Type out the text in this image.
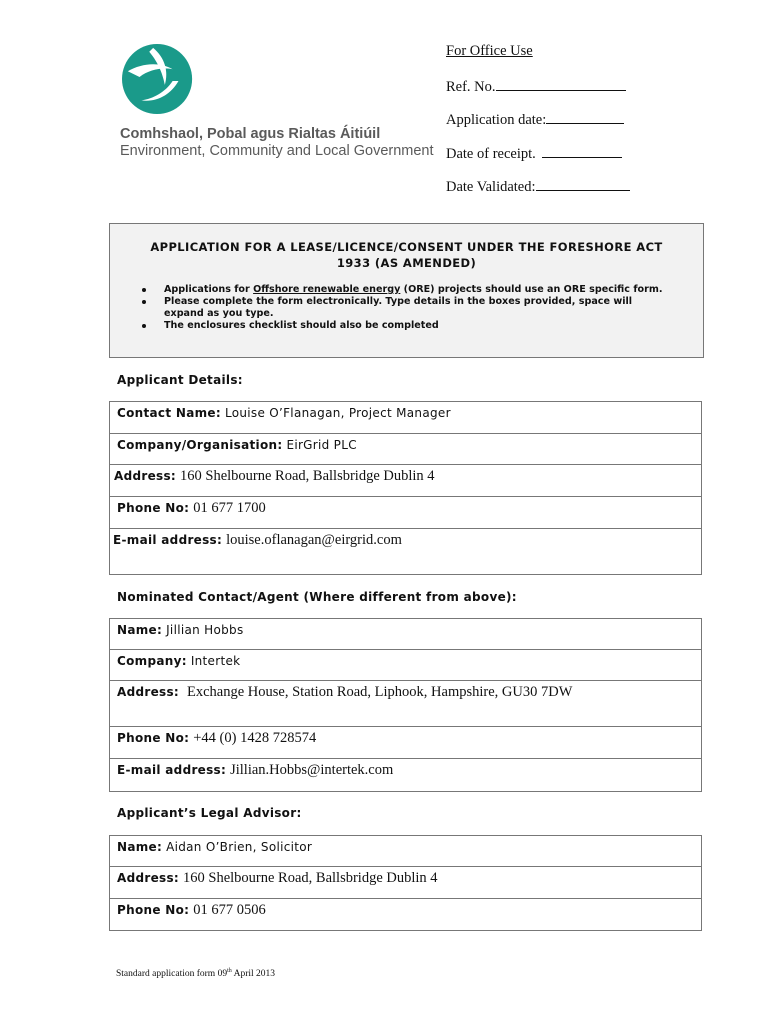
Comhshaol, Pobal agus Rialtas Áitiúil
Environment, Community and Local Government
For Office Use
Ref. No.
Application date:
Date of receipt.
Date Validated:
APPLICATION FOR A LEASE/LICENCE/CONSENT UNDER THE FORESHORE ACT
1933 (AS AMENDED)
Applications for Offshore renewable energy (ORE) projects should use an ORE specific form.
Please complete the form electronically. Type details in the boxes provided, space will expand as you type.
The enclosures checklist should also be completed
Applicant Details:
Contact Name: Louise O’Flanagan, Project Manager
Company/Organisation: EirGrid PLC
Address: 160 Shelbourne Road, Ballsbridge Dublin 4
Phone No: 01 677 1700
E-mail address: louise.oflanagan@eirgrid.com
Nominated Contact/Agent (Where different from above):
Name: Jillian Hobbs
Company: Intertek
Address: Exchange House, Station Road, Liphook, Hampshire, GU30 7DW
Phone No: +44 (0) 1428 728574
E-mail address: Jillian.Hobbs@intertek.com
Applicant’s Legal Advisor:
Name: Aidan O’Brien, Solicitor
Address: 160 Shelbourne Road, Ballsbridge Dublin 4
Phone No: 01 677 0506
Standard application form 09th April 2013
